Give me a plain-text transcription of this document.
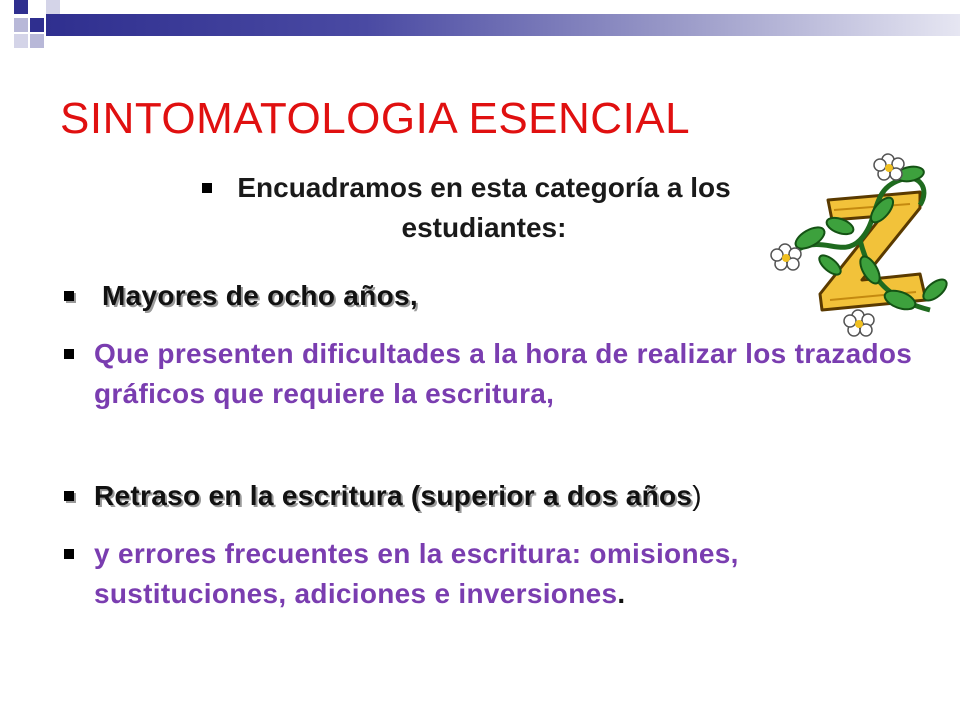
SINTOMATOLOGIA ESENCIAL
Encuadramos en esta categoría a los
estudiantes:
Mayores de ocho años,
Que presenten dificultades a la hora de realizar los trazados gráficos que requiere la escritura,
Retraso en la escritura (superior a dos años)
y errores frecuentes en la escritura: omisiones, sustituciones, adiciones e inversiones.
